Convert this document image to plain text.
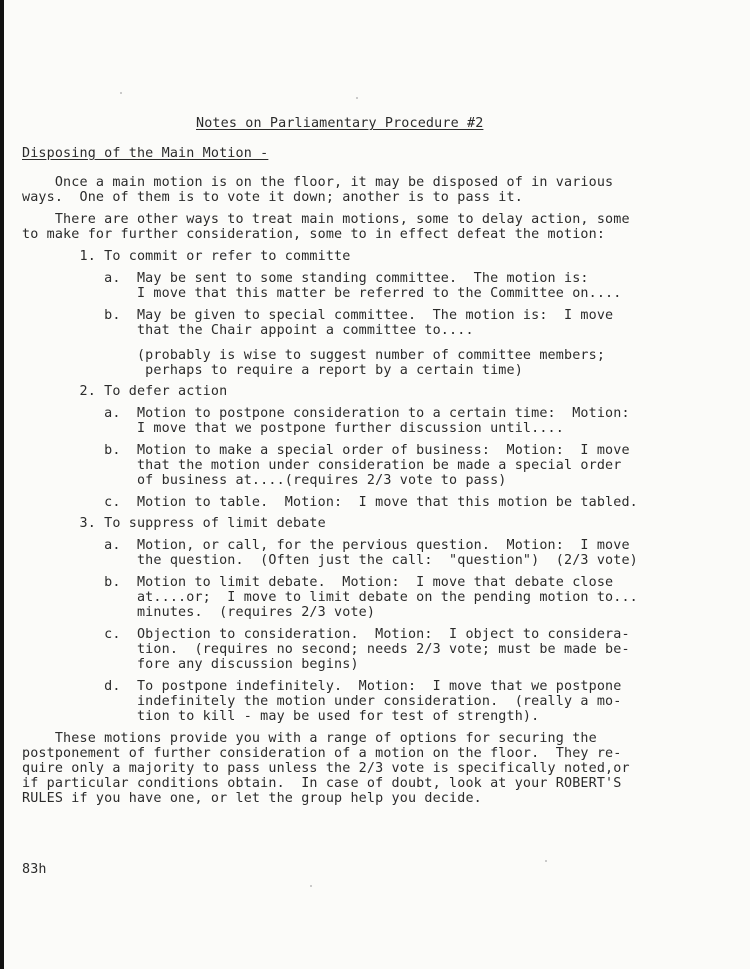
Notes on Parliamentary Procedure #2
Disposing of the Main Motion -
Once a main motion is on the floor, it may be disposed of in various
ways.  One of them is to vote it down; another is to pass it.
There are other ways to treat main motions, some to delay action, some
to make for further consideration, some to in effect defeat the motion:
1. To commit or refer to committe
a.  May be sent to some standing committee.  The motion is:
I move that this matter be referred to the Committee on....
b.  May be given to special committee.  The motion is:  I move
that the Chair appoint a committee to....
(probably is wise to suggest number of committee members;
perhaps to require a report by a certain time)
2. To defer action
a.  Motion to postpone consideration to a certain time:  Motion:
I move that we postpone further discussion until....
b.  Motion to make a special order of business:  Motion:  I move
that the motion under consideration be made a special order
of business at....(requires 2/3 vote to pass)
c.  Motion to table.  Motion:  I move that this motion be tabled.
3. To suppress of limit debate
a.  Motion, or call, for the pervious question.  Motion:  I move
the question.  (Often just the call:  "question")  (2/3 vote)
b.  Motion to limit debate.  Motion:  I move that debate close
at....or;  I move to limit debate on the pending motion to...
minutes.  (requires 2/3 vote)
c.  Objection to consideration.  Motion:  I object to considera-
tion.  (requires no second; needs 2/3 vote; must be made be-
fore any discussion begins)
d.  To postpone indefinitely.  Motion:  I move that we postpone
indefinitely the motion under consideration.  (really a mo-
tion to kill - may be used for test of strength).
These motions provide you with a range of options for securing the
postponement of further consideration of a motion on the floor.  They re-
quire only a majority to pass unless the 2/3 vote is specifically noted,or
if particular conditions obtain.  In case of doubt, look at your ROBERT'S
RULES if you have one, or let the group help you decide.
83h
